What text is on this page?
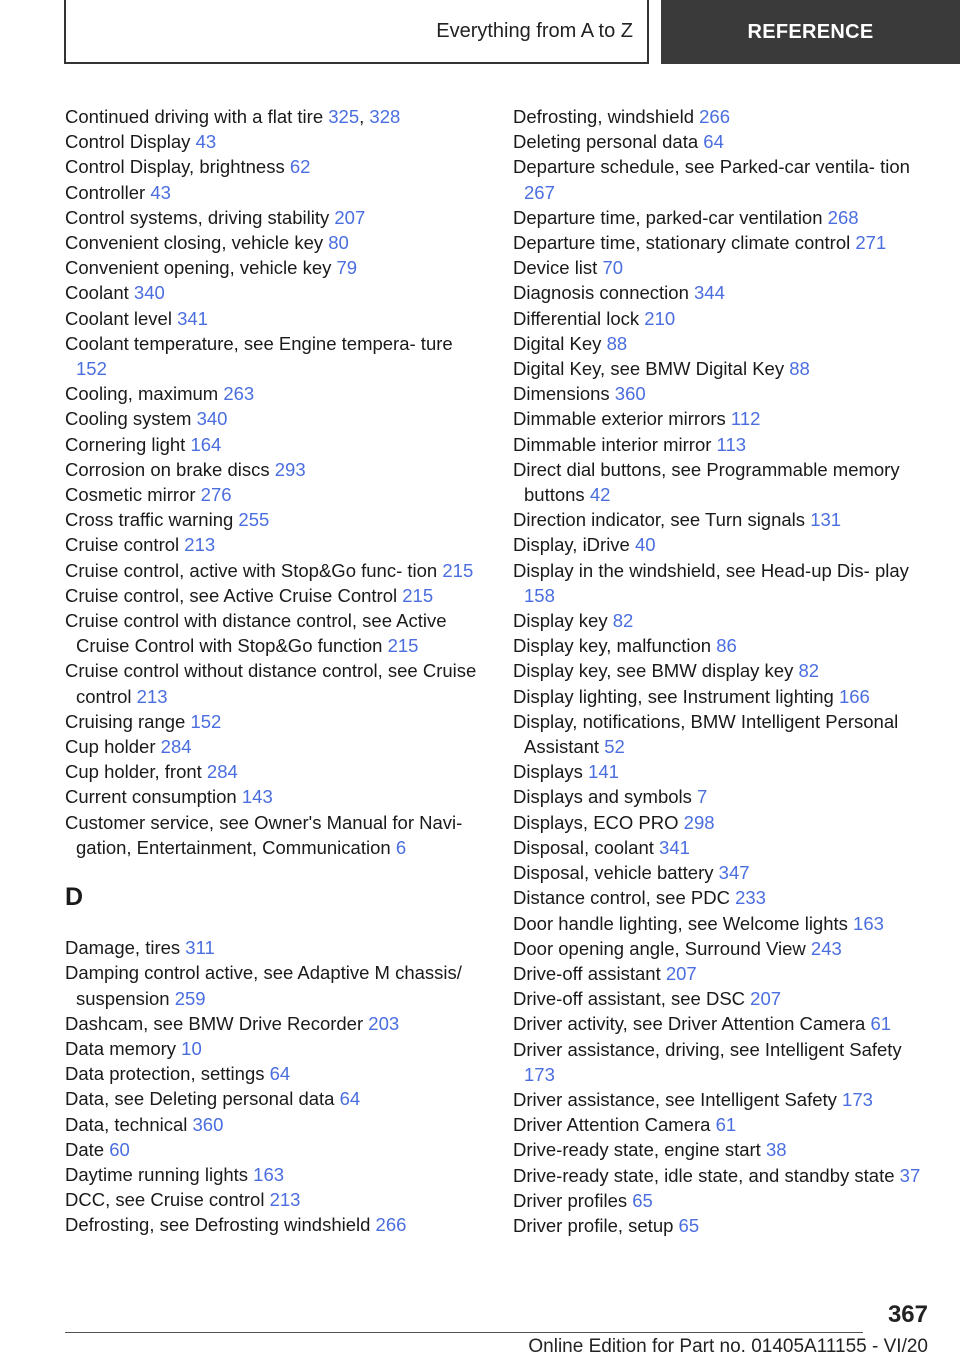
Everything from A to Z	REFERENCE
Continued driving with a flat tire 325, 328
Control Display 43
Control Display, brightness 62
Controller 43
Control systems, driving stability 207
Convenient closing, vehicle key 80
Convenient opening, vehicle key 79
Coolant 340
Coolant level 341
Coolant temperature, see Engine tempera‐ ture 152
Cooling, maximum 263
Cooling system 340
Cornering light 164
Corrosion on brake discs 293
Cosmetic mirror 276
Cross traffic warning 255
Cruise control 213
Cruise control, active with Stop&Go func‐ tion 215
Cruise control, see Active Cruise Control 215
Cruise control with distance control, see Active Cruise Control with Stop&Go function 215
Cruise control without distance control, see Cruise control 213
Cruising range 152
Cup holder 284
Cup holder, front 284
Current consumption 143
Customer service, see Owner's Manual for Navi‐ gation, Entertainment, Communication 6
D
Damage, tires 311
Damping control active, see Adaptive M chassis/ suspension 259
Dashcam, see BMW Drive Recorder 203
Data memory 10
Data protection, settings 64
Data, see Deleting personal data 64
Data, technical 360
Date 60
Daytime running lights 163
DCC, see Cruise control 213
Defrosting, see Defrosting windshield 266
Defrosting, windshield 266
Deleting personal data 64
Departure schedule, see Parked-car ventila‐ tion 267
Departure time, parked-car ventilation 268
Departure time, stationary climate control 271
Device list 70
Diagnosis connection 344
Differential lock 210
Digital Key 88
Digital Key, see BMW Digital Key 88
Dimensions 360
Dimmable exterior mirrors 112
Dimmable interior mirror 113
Direct dial buttons, see Programmable memory buttons 42
Direction indicator, see Turn signals 131
Display, iDrive 40
Display in the windshield, see Head-up Dis‐ play 158
Display key 82
Display key, malfunction 86
Display key, see BMW display key 82
Display lighting, see Instrument lighting 166
Display, notifications, BMW Intelligent Personal Assistant 52
Displays 141
Displays and symbols 7
Displays, ECO PRO 298
Disposal, coolant 341
Disposal, vehicle battery 347
Distance control, see PDC 233
Door handle lighting, see Welcome lights 163
Door opening angle, Surround View 243
Drive-off assistant 207
Drive-off assistant, see DSC 207
Driver activity, see Driver Attention Camera 61
Driver assistance, driving, see Intelligent Safety 173
Driver assistance, see Intelligent Safety 173
Driver Attention Camera 61
Drive-ready state, engine start 38
Drive-ready state, idle state, and standby state 37
Driver profiles 65
Driver profile, setup 65
367
Online Edition for Part no. 01405A11155 - VI/20
